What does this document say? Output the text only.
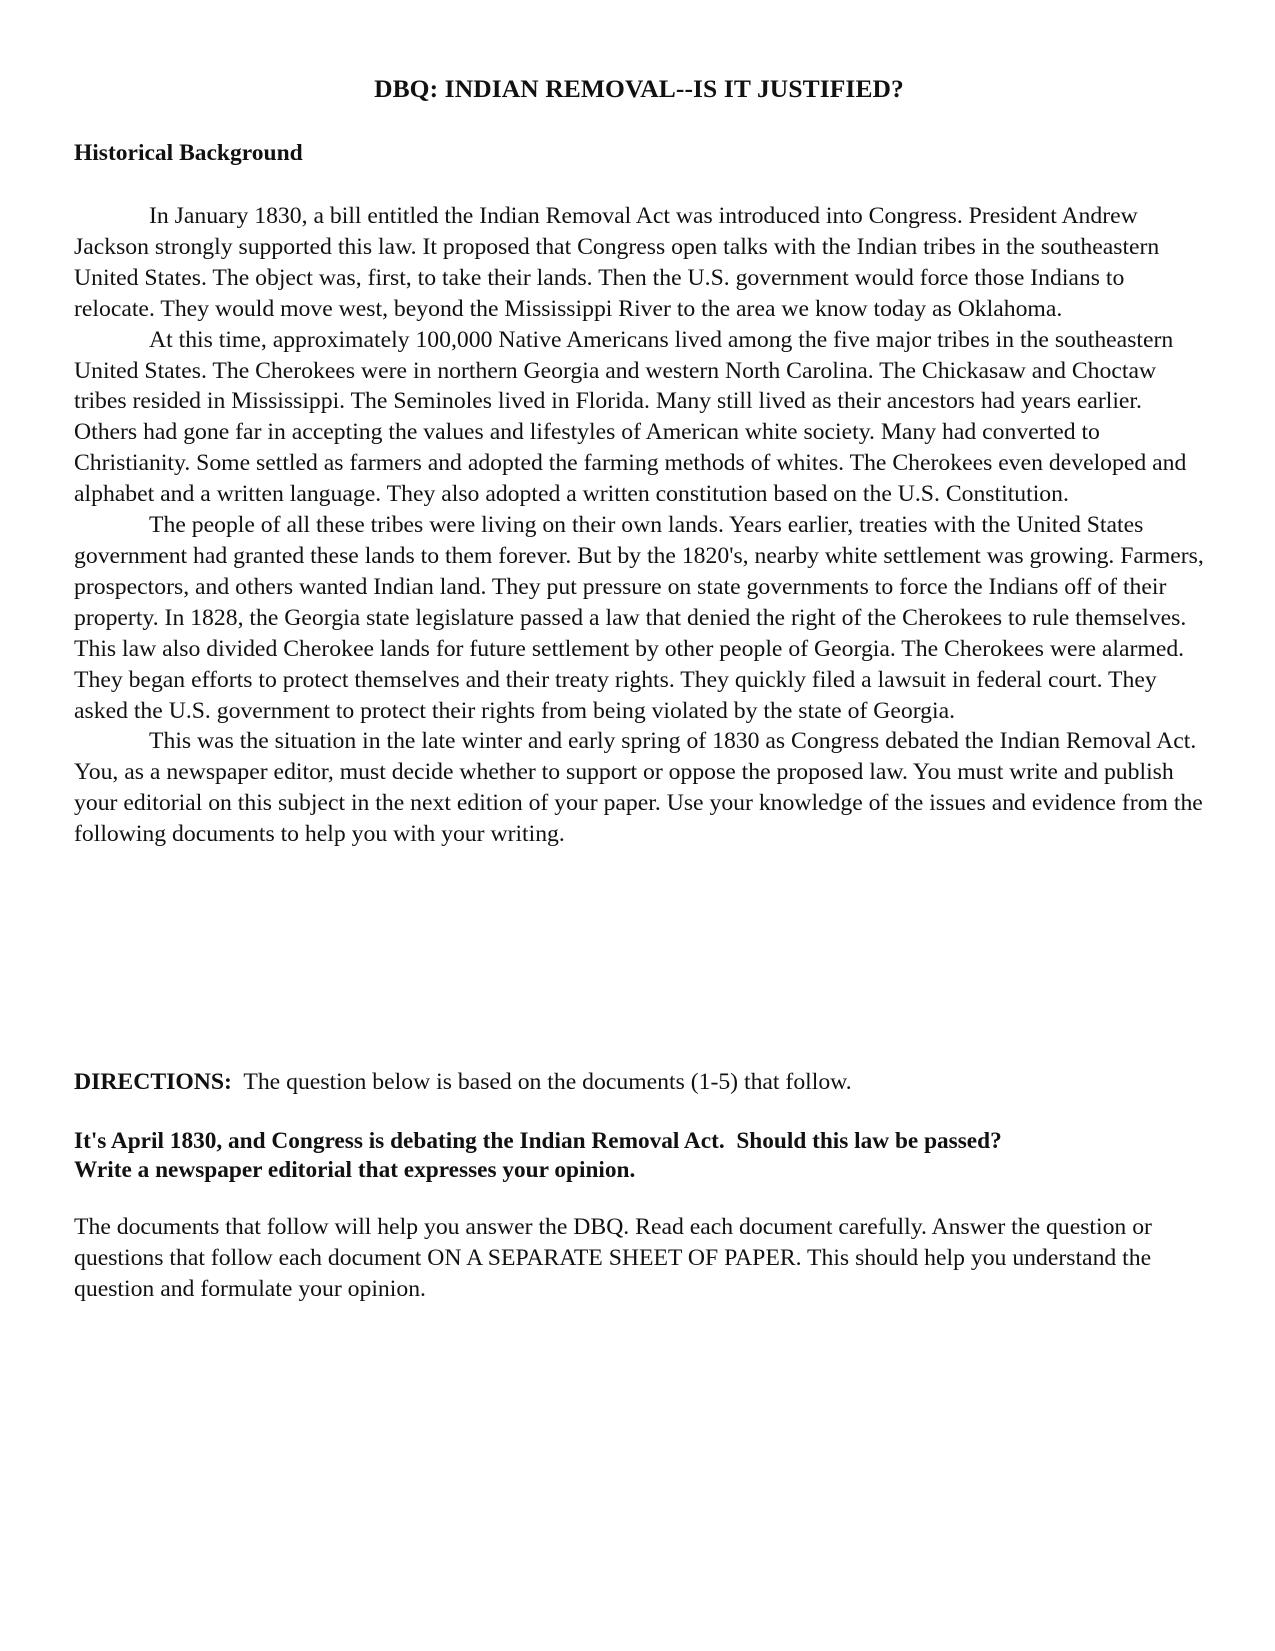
DBQ: INDIAN REMOVAL--IS IT JUSTIFIED?
Historical Background

In January 1830, a bill entitled the Indian Removal Act was introduced into Congress. President Andrew Jackson strongly supported this law. It proposed that Congress open talks with the Indian tribes in the southeastern United States. The object was, first, to take their lands. Then the U.S. government would force those Indians to relocate. They would move west, beyond the Mississippi River to the area we know today as Oklahoma.

At this time, approximately 100,000 Native Americans lived among the five major tribes in the southeastern United States. The Cherokees were in northern Georgia and western North Carolina. The Chickasaw and Choctaw tribes resided in Mississippi. The Seminoles lived in Florida. Many still lived as their ancestors had years earlier. Others had gone far in accepting the values and lifestyles of American white society. Many had converted to Christianity. Some settled as farmers and adopted the farming methods of whites. The Cherokees even developed and alphabet and a written language. They also adopted a written constitution based on the U.S. Constitution.

The people of all these tribes were living on their own lands. Years earlier, treaties with the United States government had granted these lands to them forever. But by the 1820's, nearby white settlement was growing. Farmers, prospectors, and others wanted Indian land. They put pressure on state governments to force the Indians off of their property. In 1828, the Georgia state legislature passed a law that denied the right of the Cherokees to rule themselves. This law also divided Cherokee lands for future settlement by other people of Georgia. The Cherokees were alarmed. They began efforts to protect themselves and their treaty rights. They quickly filed a lawsuit in federal court. They asked the U.S. government to protect their rights from being violated by the state of Georgia.

This was the situation in the late winter and early spring of 1830 as Congress debated the Indian Removal Act. You, as a newspaper editor, must decide whether to support or oppose the proposed law. You must write and publish your editorial on this subject in the next edition of your paper. Use your knowledge of the issues and evidence from the following documents to help you with your writing.

DIRECTIONS:  The question below is based on the documents (1-5) that follow.

It's April 1830, and Congress is debating the Indian Removal Act.  Should this law be passed?
Write a newspaper editorial that expresses your opinion.

The documents that follow will help you answer the DBQ. Read each document carefully. Answer the question or questions that follow each document ON A SEPARATE SHEET OF PAPER. This should help you understand the question and formulate your opinion.
